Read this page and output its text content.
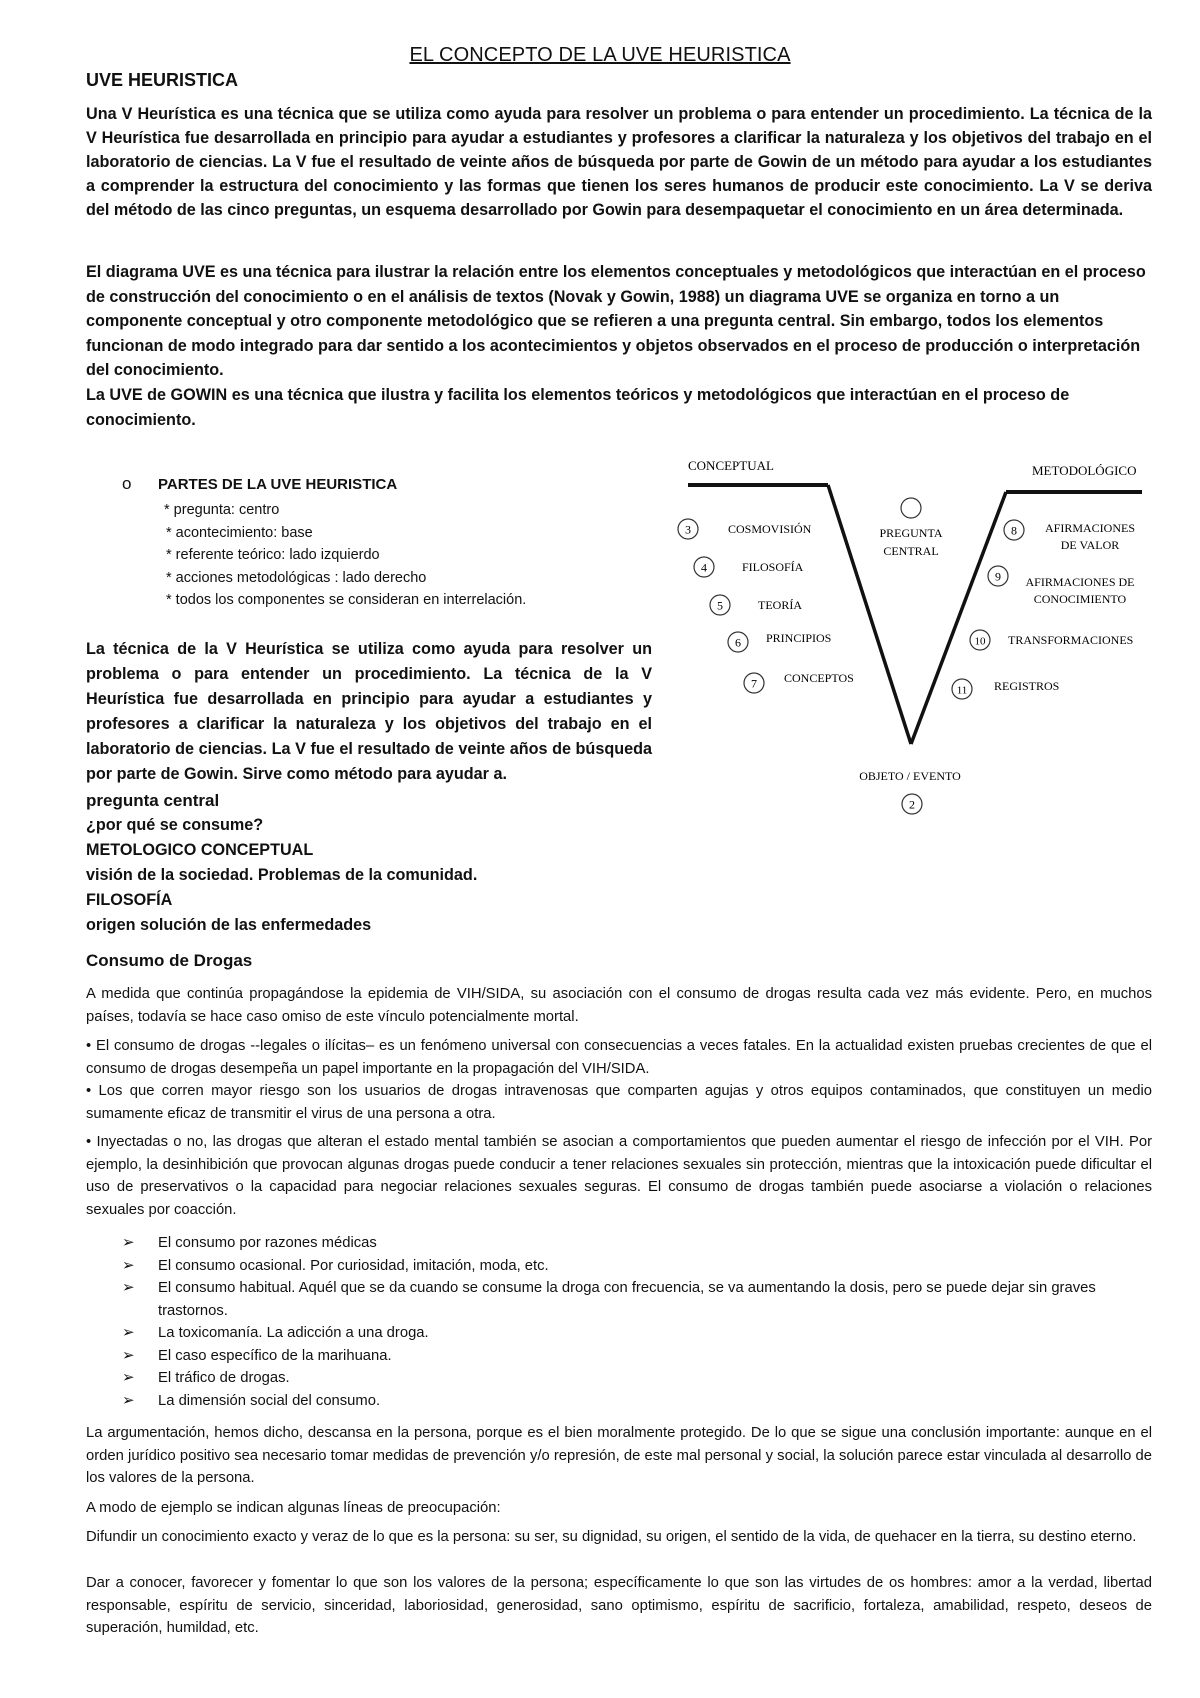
EL CONCEPTO DE LA UVE HEURISTICA
UVE HEURISTICA

Una V Heurística es una técnica que se utiliza como ayuda para resolver un problema o para entender un procedimiento. La técnica de la V Heurística fue desarrollada en principio para ayudar a estudiantes y profesores a clarificar la naturaleza y los objetivos del trabajo en el laboratorio de ciencias. La V fue el resultado de veinte años de búsqueda por parte de Gowin de un método para ayudar a los estudiantes a comprender la estructura del conocimiento y las formas que tienen los seres humanos de producir este conocimiento. La V se deriva del método de las cinco preguntas, un esquema desarrollado por Gowin para desempaquetar el conocimiento en un área determinada.

El diagrama UVE es una técnica para ilustrar la relación entre los elementos conceptuales y metodológicos que interactúan en el proceso de construcción del conocimiento o en el análisis de textos (Novak y Gowin, 1988) un diagrama UVE se organiza en torno a un componente conceptual y otro componente metodológico que se refieren a una pregunta central. Sin embargo, todos los elementos funcionan de modo integrado para dar sentido a los acontecimientos y objetos observados en el proceso de producción o interpretación del conocimiento.

La UVE de GOWIN es una técnica que ilustra y facilita los elementos teóricos y metodológicos que interactúan en el proceso de conocimiento.

o PARTES DE LA UVE HEURISTICA
* pregunta: centro
* acontecimiento: base
* referente teórico: lado izquierdo
* acciones metodológicas : lado derecho
* todos los componentes se consideran en interrelación.

La técnica de la V Heurística se utiliza como ayuda para resolver un problema o para entender un procedimiento. La técnica de la V Heurística fue desarrollada en principio para ayudar a estudiantes y profesores a clarificar la naturaleza y los objetivos del trabajo en el laboratorio de ciencias. La V fue el resultado de veinte años de búsqueda por parte de Gowin. Sirve como método para ayudar a.

pregunta central
¿por qué se consume?
METOLOGICO CONCEPTUAL
visión de la sociedad. Problemas de la comunidad.
FILOSOFÍA
origen solución de las enfermedades
CONCEPTUAL	METODOLÓGICO
PREGUNTA
CENTRAL
3	COSMOVISIÓN
4	FILOSOFÍA
5	TEORÍA
6 PRINCIPIOS
7 CONCEPTOS
8 AFIRMACIONES
DE VALOR
9 AFIRMACIONES DE
CONOCIMIENTO
10 TRANSFORMACIONES
11 REGISTROS
OBJETO / EVENTO
2
Consumo de Drogas

A medida que continúa propagándose la epidemia de VIH/SIDA, su asociación con el consumo de drogas resulta cada vez más evidente. Pero, en muchos países, todavía se hace caso omiso de este vínculo potencialmente mortal.

• El consumo de drogas --legales o ilícitas– es un fenómeno universal con consecuencias a veces fatales. En la actualidad existen pruebas crecientes de que el consumo de drogas desempeña un papel importante en la propagación del VIH/SIDA.

• Los que corren mayor riesgo son los usuarios de drogas intravenosas que comparten agujas y otros equipos contaminados, que constituyen un medio sumamente eficaz de transmitir el virus de una persona a otra.

• Inyectadas o no, las drogas que alteran el estado mental también se asocian a comportamientos que pueden aumentar el riesgo de infección por el VIH. Por ejemplo, la desinhibición que provocan algunas drogas puede conducir a tener relaciones sexuales sin protección, mientras que la intoxicación puede dificultar el uso de preservativos o la capacidad para negociar relaciones sexuales seguras. El consumo de drogas también puede asociarse a violación o relaciones sexuales por coacción.

➢ El consumo por razones médicas
➢ El consumo ocasional. Por curiosidad, imitación, moda, etc.
➢ El consumo habitual. Aquél que se da cuando se consume la droga con frecuencia, se va aumentando la dosis, pero se puede dejar sin graves trastornos.
➢ La toxicomanía. La adicción a una droga.
➢ El caso específico de la marihuana.
➢ El tráfico de drogas.
➢ La dimensión social del consumo.

La argumentación, hemos dicho, descansa en la persona, porque es el bien moralmente protegido. De lo que se sigue una conclusión importante: aunque en el orden jurídico positivo sea necesario tomar medidas de prevención y/o represión, de este mal personal y social, la solución parece estar vinculada al desarrollo de los valores de la persona.

A modo de ejemplo se indican algunas líneas de preocupación:

Difundir un conocimiento exacto y veraz de lo que es la persona: su ser, su dignidad, su origen, el sentido de la vida, de quehacer en la tierra, su destino eterno.

Dar a conocer, favorecer y fomentar lo que son los valores de la persona; específicamente lo que son las virtudes de os hombres: amor a la verdad, libertad responsable, espíritu de servicio, sinceridad, laboriosidad, generosidad, sano optimismo, espíritu de sacrificio, fortaleza, amabilidad, respeto, deseos de superación, humildad, etc.
